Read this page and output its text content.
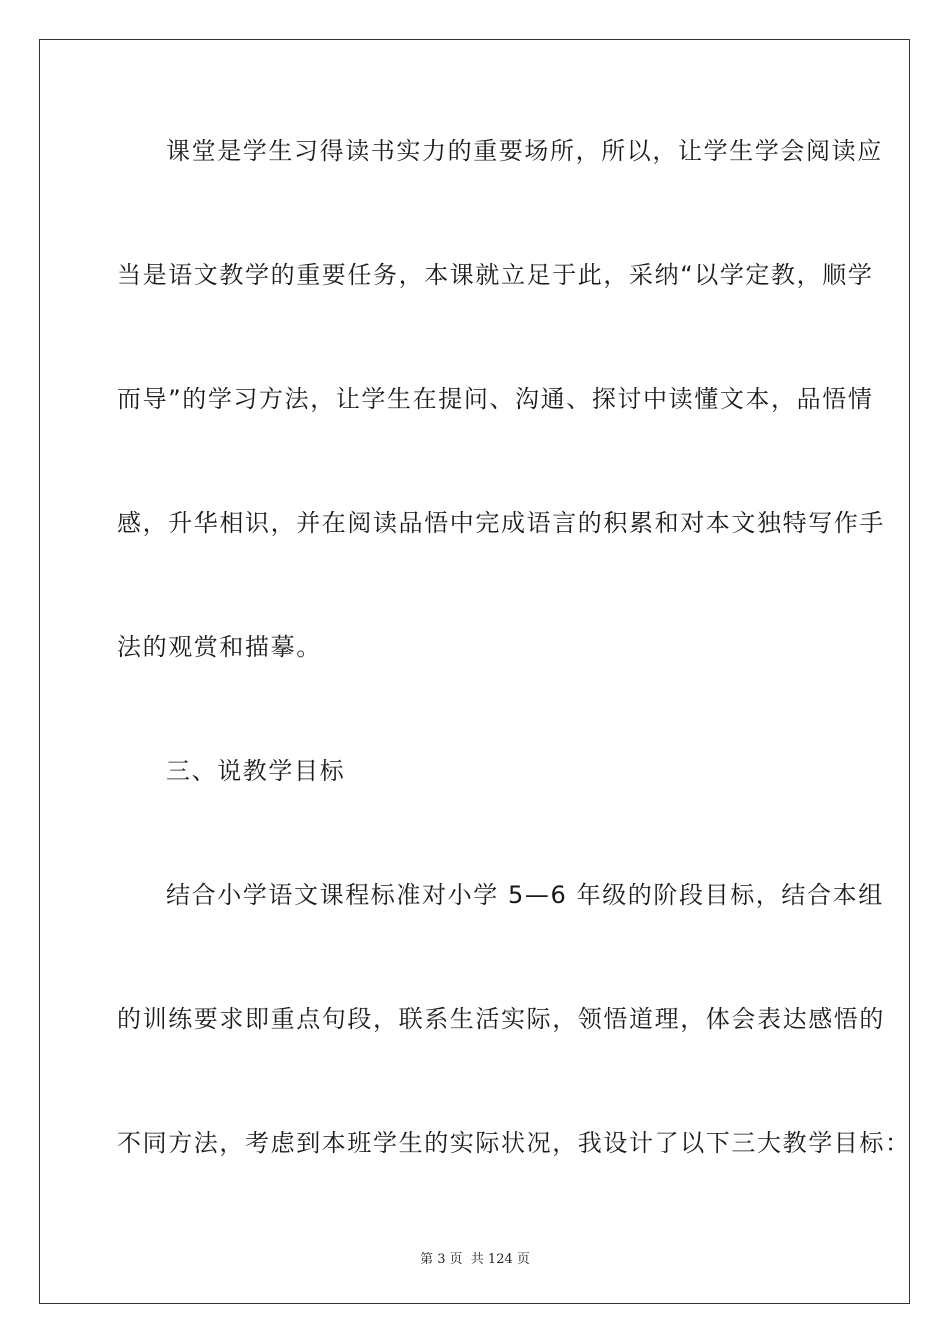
课堂是学生习得读书实力的重要场所，所以，让学生学会阅读应
当是语文教学的重要任务，本课就立足于此，采纳“以学定教，顺学
而导”的学习方法，让学生在提问、沟通、探讨中读懂文本，品悟情
感，升华相识，并在阅读品悟中完成语言的积累和对本文独特写作手
法的观赏和描摹。
三、说教学目标
结合小学语文课程标准对小学 5—6 年级的阶段目标，结合本组
的训练要求即重点句段，联系生活实际，领悟道理，体会表达感悟的
不同方法，考虑到本班学生的实际状况，我设计了以下三大教学目标：
第 3 页 共 124 页
